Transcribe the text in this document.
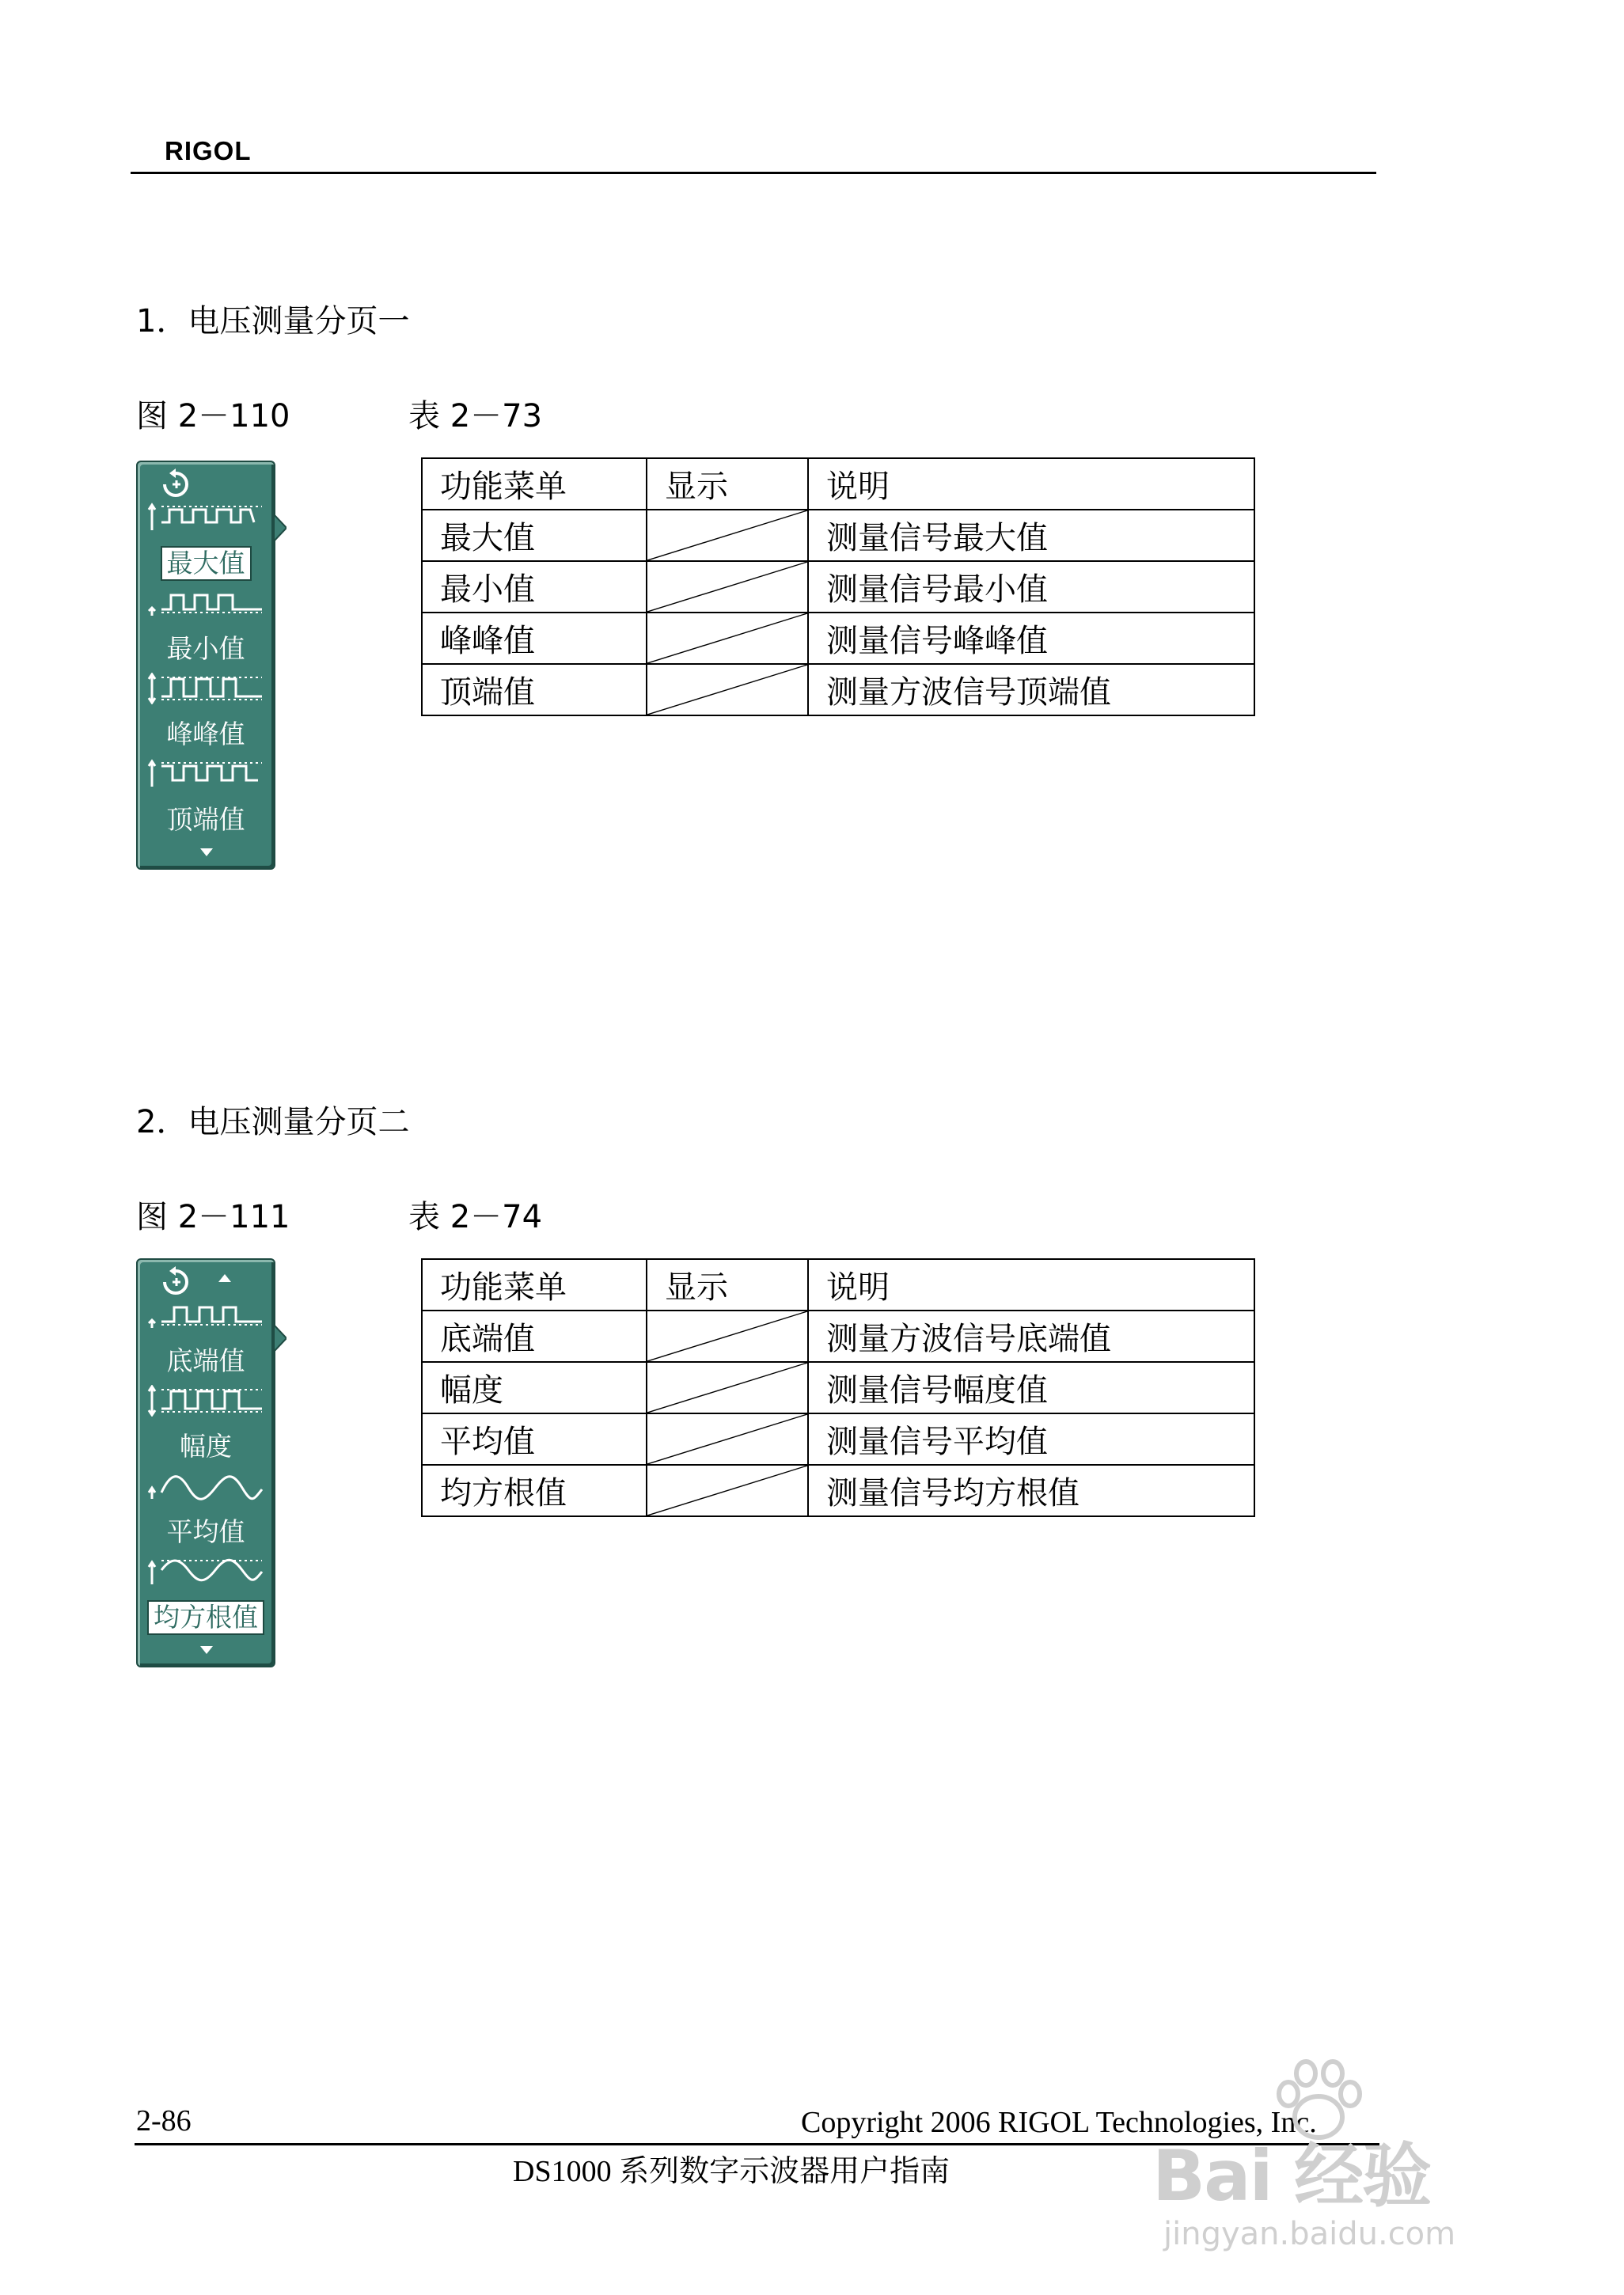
RIGOL
1．电压测量分页一
图 2－110	表 2－73
最大值
最小值
峰峰值
顶端值
功能菜单	显示	说明
最大值		测量信号最大值
最小值		测量信号最小值
峰峰值		测量信号峰峰值
顶端值		测量方波信号顶端值
2．电压测量分页二
图 2－111	表 2－74
底端值
幅度
平均值
均方根值
功能菜单	显示	说明
底端值		测量方波信号底端值
幅度		测量信号幅度值
平均值		测量信号平均值
均方根值		测量信号均方根值
2-86	Copyright 2006 RIGOL Technologies, Inc.
DS1000 系列数字示波器用户指南	Bai 经验
jingyan.baidu.com
